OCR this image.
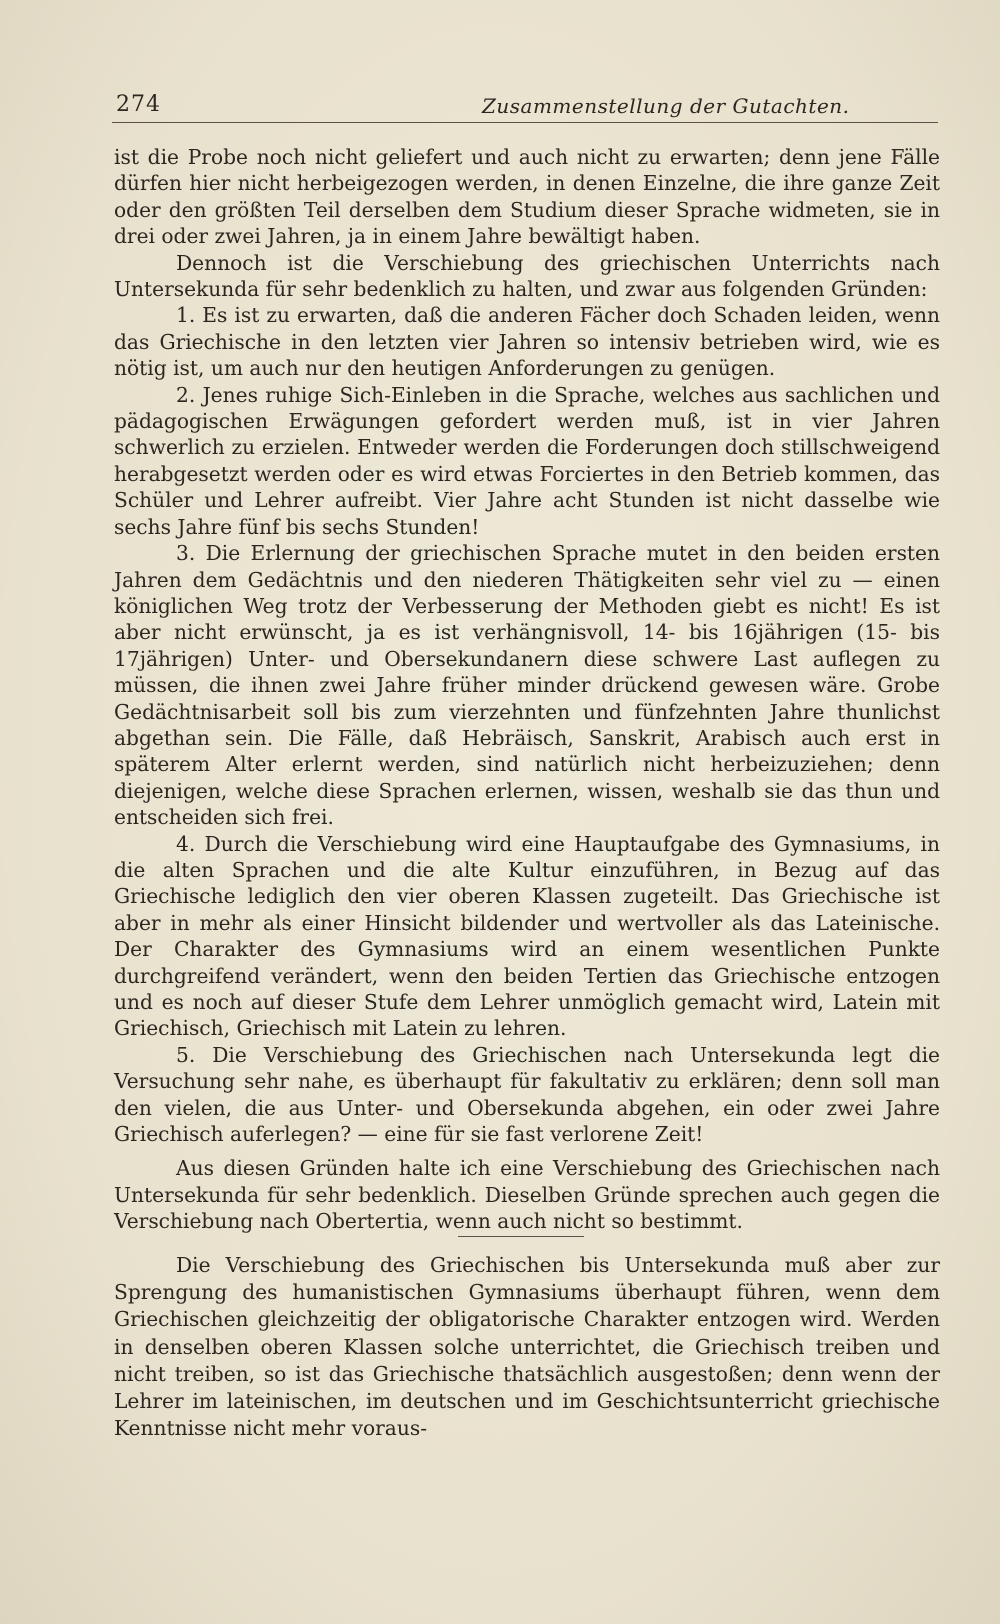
274	Zusammenstellung der Gutachten.

ist die Probe noch nicht geliefert und auch nicht zu erwarten; denn jene Fälle dürfen hier nicht herbeigezogen werden, in denen Einzelne, die ihre ganze Zeit oder den größten Teil derselben dem Studium dieser Sprache widmeten, sie in drei oder zwei Jahren, ja in einem Jahre bewältigt haben.

Dennoch ist die Verschiebung des griechischen Unterrichts nach Untersekunda für sehr bedenklich zu halten, und zwar aus folgenden Gründen:

1. Es ist zu erwarten, daß die anderen Fächer doch Schaden leiden, wenn das Griechische in den letzten vier Jahren so intensiv betrieben wird, wie es nötig ist, um auch nur den heutigen Anforderungen zu genügen.

2. Jenes ruhige Sich-Einleben in die Sprache, welches aus sachlichen und pädagogischen Erwägungen gefordert werden muß, ist in vier Jahren schwerlich zu erzielen. Entweder werden die Forderungen doch stillschweigend herabgesetzt werden oder es wird etwas Forciertes in den Betrieb kommen, das Schüler und Lehrer aufreibt. Vier Jahre acht Stunden ist nicht dasselbe wie sechs Jahre fünf bis sechs Stunden!

3. Die Erlernung der griechischen Sprache mutet in den beiden ersten Jahren dem Gedächtnis und den niederen Thätigkeiten sehr viel zu — einen königlichen Weg trotz der Verbesserung der Methoden giebt es nicht! Es ist aber nicht erwünscht, ja es ist verhängnisvoll, 14- bis 16jährigen (15- bis 17jährigen) Unter- und Obersekundanern diese schwere Last auflegen zu müssen, die ihnen zwei Jahre früher minder drückend gewesen wäre. Grobe Gedächtnisarbeit soll bis zum vierzehnten und fünfzehnten Jahre thunlichst abgethan sein. Die Fälle, daß Hebräisch, Sanskrit, Arabisch auch erst in späterem Alter erlernt werden, sind natürlich nicht herbeizuziehen; denn diejenigen, welche diese Sprachen erlernen, wissen, weshalb sie das thun und entscheiden sich frei.

4. Durch die Verschiebung wird eine Hauptaufgabe des Gymnasiums, in die alten Sprachen und die alte Kultur einzuführen, in Bezug auf das Griechische lediglich den vier oberen Klassen zugeteilt. Das Griechische ist aber in mehr als einer Hinsicht bildender und wertvoller als das Lateinische. Der Charakter des Gymnasiums wird an einem wesentlichen Punkte durchgreifend verändert, wenn den beiden Tertien das Griechische entzogen und es noch auf dieser Stufe dem Lehrer unmöglich gemacht wird, Latein mit Griechisch, Griechisch mit Latein zu lehren.

5. Die Verschiebung des Griechischen nach Untersekunda legt die Versuchung sehr nahe, es überhaupt für fakultativ zu erklären; denn soll man den vielen, die aus Unter- und Obersekunda abgehen, ein oder zwei Jahre Griechisch auferlegen? — eine für sie fast verlorene Zeit!

Aus diesen Gründen halte ich eine Verschiebung des Griechischen nach Untersekunda für sehr bedenklich. Dieselben Gründe sprechen auch gegen die Verschiebung nach Obertertia, wenn auch nicht so bestimmt.

Die Verschiebung des Griechischen bis Untersekunda muß aber zur Sprengung des humanistischen Gymnasiums überhaupt führen, wenn dem Griechischen gleichzeitig der obligatorische Charakter entzogen wird. Werden in denselben oberen Klassen solche unterrichtet, die Griechisch treiben und nicht treiben, so ist das Griechische thatsächlich ausgestoßen; denn wenn der Lehrer im lateinischen, im deutschen und im Geschichtsunterricht griechische Kenntnisse nicht mehr voraus-
